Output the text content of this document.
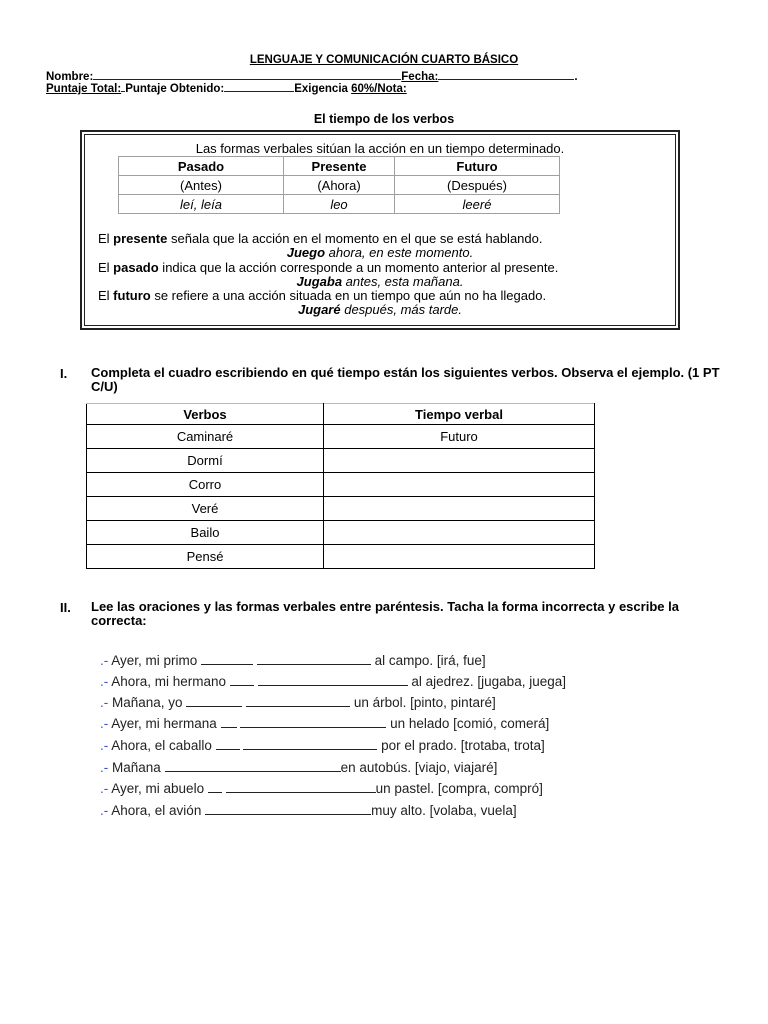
LENGUAJE Y COMUNICACIÓN CUARTO BÁSICO
Nombre:	Fecha:	.
Puntaje Total: Puntaje Obtenido:	Exigencia 60%/Nota:
El tiempo de los verbos
Las formas verbales sitúan la acción en un tiempo determinado.
Pasado	Presente	Futuro
(Antes)	(Ahora)	(Después)
leí, leía	leo	leeré
El presente señala que la acción en el momento en el que se está hablando.
Juego ahora, en este momento.
El pasado indica que la acción corresponde a un momento anterior al presente.
Jugaba antes, esta mañana.
El futuro se refiere a una acción situada en un tiempo que aún no ha llegado.
Jugaré después, más tarde.
I. Completa el cuadro escribiendo en qué tiempo están los siguientes verbos. Observa el ejemplo. (1 PT C/U)
Verbos	Tiempo verbal
Caminaré	Futuro
Dormí	
Corro	
Veré	
Bailo	
Pensé	
II. Lee las oraciones y las formas verbales entre paréntesis. Tacha la forma incorrecta y escribe la correcta:
.- Ayer, mi primo	al campo. [irá, fue]
.- Ahora, mi hermano	al ajedrez. [jugaba, juega]
.- Mañana, yo	un árbol. [pinto, pintaré]
.- Ayer, mi hermana	un helado [comió, comerá]
.- Ahora, el caballo	por el prado. [trotaba, trota]
.- Mañana	en autobús. [viajo, viajaré]
.- Ayer, mi abuelo	un pastel. [compra, compró]
.- Ahora, el avión	muy alto. [volaba, vuela]
